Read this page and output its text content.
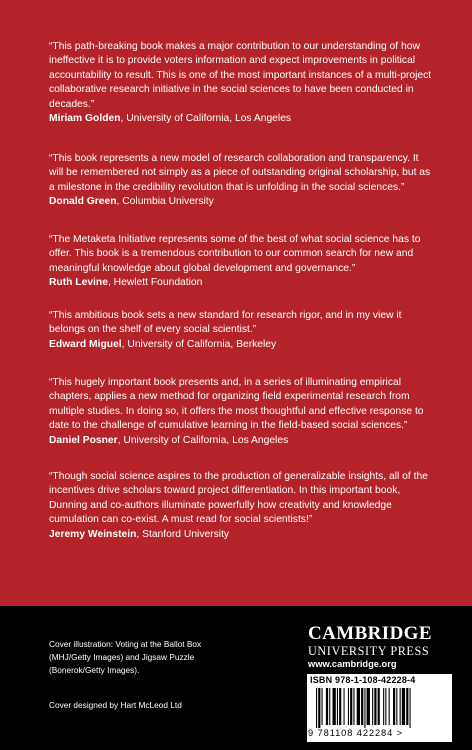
“This path-breaking book makes a major contribution to our understanding of how ineffective it is to provide voters information and expect improvements in political accountability to result. This is one of the most important instances of a multi-project collaborative research initiative in the social sciences to have been conducted in decades.”
Miriam Golden, University of California, Los Angeles
“This book represents a new model of research collaboration and transparency. It will be remembered not simply as a piece of outstanding original scholarship, but as a milestone in the credibility revolution that is unfolding in the social sciences.”
Donald Green, Columbia University
“The Metaketa Initiative represents some of the best of what social science has to offer. This book is a tremendous contribution to our common search for new and meaningful knowledge about global development and governance.”
Ruth Levine, Hewlett Foundation
“This ambitious book sets a new standard for research rigor, and in my view it belongs on the shelf of every social scientist.”
Edward Miguel, University of California, Berkeley
“This hugely important book presents and, in a series of illuminating empirical chapters, applies a new method for organizing field experimental research from multiple studies. In doing so, it offers the most thoughtful and effective response to date to the challenge of cumulative learning in the field-based social sciences.”
Daniel Posner, University of California, Los Angeles
“Though social science aspires to the production of generalizable insights, all of the incentives drive scholars toward project differentiation. In this important book, Dunning and co-authors illuminate powerfully how creativity and knowledge cumulation can co-exist. A must read for social scientists!”
Jeremy Weinstein, Stanford University
Cover illustration: Voting at the Ballot Box (MHJ/Getty Images) and Jigsaw Puzzle (Bonerok/Getty Images).
Cover designed by Hart McLeod Ltd
CAMBRIDGE
UNIVERSITY PRESS
www.cambridge.org
ISBN 978-1-108-42228-4
9 781108 422284 >
